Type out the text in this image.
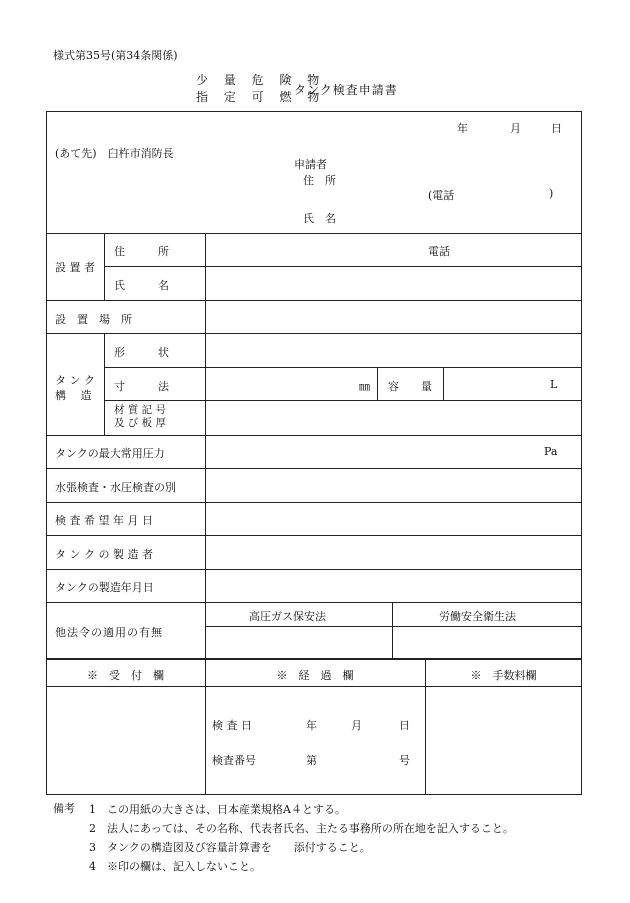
様式第35号(第34条関係)
少 量 危 険 物
指 定 可 燃 物
タンク検査申請書
年	月	日
(あて先)　臼杵市消防長
申請者
住　所
(電話	)
氏　名
設 置 者
住　　　所	電話
氏　　　名
設　置　場　所
タ ン ク
構　 造
形　　　状
寸　　　法	㎜ 容　　量	L
材 質 記 号
及 び 板 厚
タンクの最大常用圧力	Pa
水張検査・水圧検査の別
検 査 希 望 年 月 日
タ ン ク の 製 造 者
タンクの製造年月日
他法令の適用の有無
高圧ガス保安法	労働安全衛生法
※　受　付　欄	※　経　過　欄	※　手数料欄
検 査 日	年	月	日
検査番号	第	号
備考 1　 この用紙の大きさは、日本産業規格A４とする。
2　 法人にあっては、その名称、代表者氏名、主たる事務所の所在地を記入すること。
3　 タンクの構造図及び容量計算書を　　添付すること。
4　 ※印の欄は、記入しないこと。
